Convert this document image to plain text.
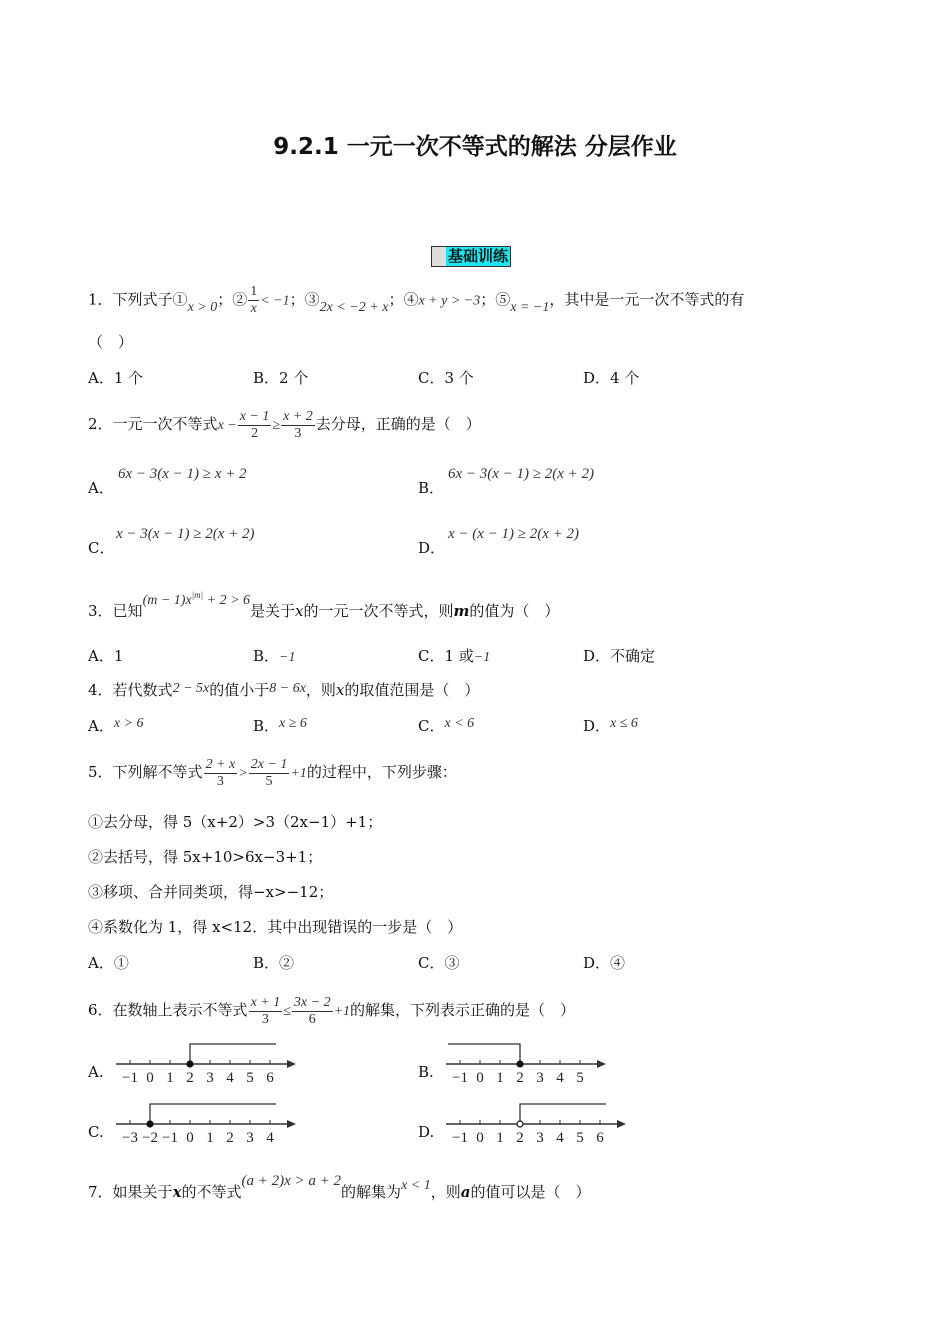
9.2.1 一元一次不等式的解法 分层作业
基础训练
1．下列式子①x > 0；② $\frac{1}{x} < -1$；③2x < −2 + x；④x + y > −3；⑤x = −1，其中是一元一次不等式的有
（　）
A．1 个	B．2 个	C．3 个	D．4 个
2．一元一次不等式$x - \frac{x - 1}{2} \ge \frac{x + 2}{3}$ 去分母，正确的是（　）
A．
6x − 3(x − 1) ≥ x + 2
B．
6x − 3(x − 1) ≥ 2(x + 2)
C．
x − 3(x − 1) ≥ 2(x + 2)
D．
x − (x − 1) ≥ 2(x + 2)
3．已知$(m - 1)x^{|m|} + 2 > 6$是关于x的一元一次不等式，则m的值为（　）
A．1	B．−1	C．1 或−1	D．不确定
4．若代数式2 − 5x的值小于8 − 6x，则x的取值范围是（　）
A．x > 6	B．x ≥ 6	C．x < 6	D．x ≤ 6
5．下列解不等式 $\frac{2 + x}{3} > \frac{2x - 1}{5} +1$的过程中，下列步骤：
①去分母，得 5（x+2）>3（2x−1）+1；
②去括号，得 5x+10>6x−3+1；
③移项、合并同类项，得−x>−12；
④系数化为 1，得 x<12．其中出现错误的一步是（　）
A．①	B．②	C．③	D．④
6．在数轴上表示不等式 $\frac{x + 1}{3} \le \frac{3x - 2}{6} +1$的解集，下列表示正确的是（　）
A.	B.
C.	D.
−1 0 1 2 3 4 5 6	−1 0 1 2 3 4 5
−3 −2 −1 0 1 2 3 4	−1 0 1 2 3 4 5 6
7．如果关于x的不等式(a + 2)x > a + 2的解集为x < 1，则a的值可以是（　）
